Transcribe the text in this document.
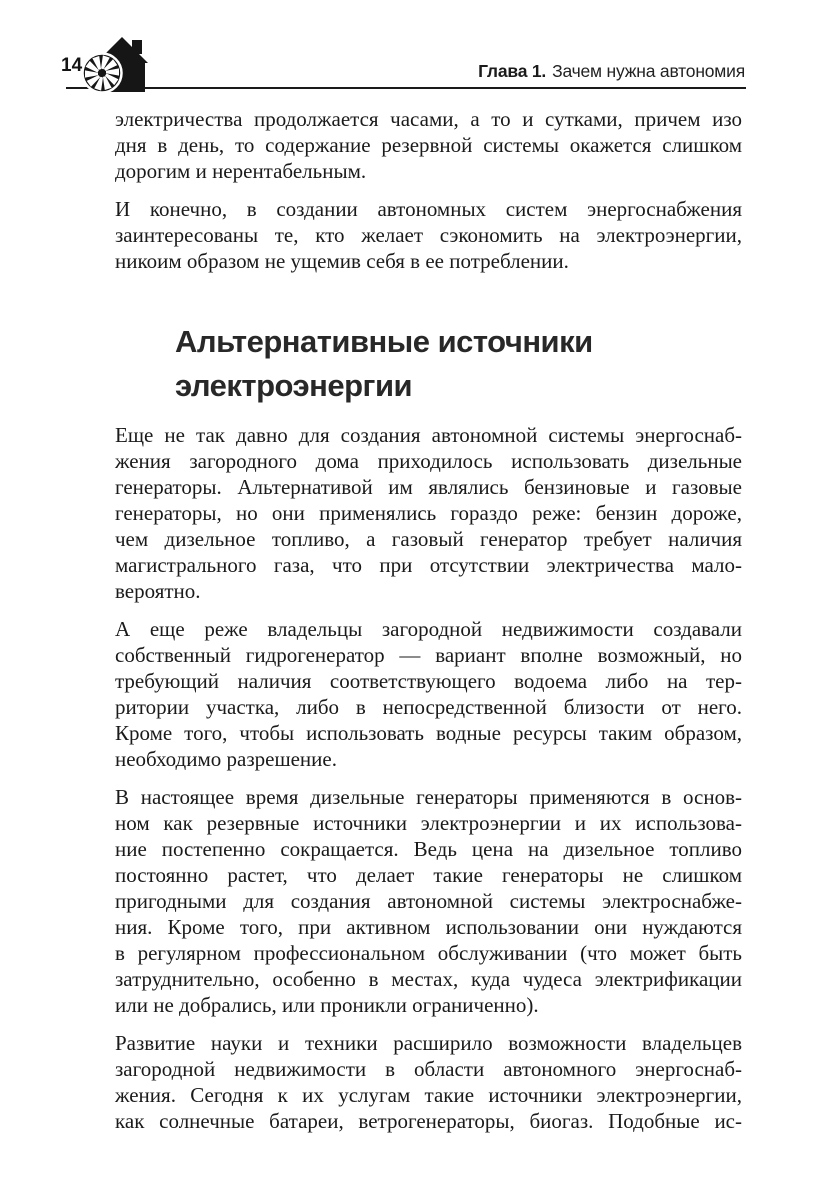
14	Глава 1. Зачем нужна автономия
электричества продолжается часами, а то и сутками, причем изо
дня в день, то содержание резервной системы окажется слишком
дорогим и нерентабельным.
И конечно, в создании автономных систем энергоснабжения
заинтересованы те, кто желает сэкономить на электроэнергии,
никоим образом не ущемив себя в ее потреблении.
Альтернативные источники
электроэнергии
Еще не так давно для создания автономной системы энергоснаб-
жения загородного дома приходилось использовать дизельные
генераторы. Альтернативой им являлись бензиновые и газовые
генераторы, но они применялись гораздо реже: бензин дороже,
чем дизельное топливо, а газовый генератор требует наличия
магистрального газа, что при отсутствии электричества мало-
вероятно.
А еще реже владельцы загородной недвижимости создавали
собственный гидрогенератор — вариант вполне возможный, но
требующий наличия соответствующего водоема либо на тер-
ритории участка, либо в непосредственной близости от него.
Кроме того, чтобы использовать водные ресурсы таким образом,
необходимо разрешение.
В настоящее время дизельные генераторы применяются в основ-
ном как резервные источники электроэнергии и их использова-
ние постепенно сокращается. Ведь цена на дизельное топливо
постоянно растет, что делает такие генераторы не слишком
пригодными для создания автономной системы электроснабже-
ния. Кроме того, при активном использовании они нуждаются
в регулярном профессиональном обслуживании (что может быть
затруднительно, особенно в местах, куда чудеса электрификации
или не добрались, или проникли ограниченно).
Развитие науки и техники расширило возможности владельцев
загородной недвижимости в области автономного энергоснаб-
жения. Сегодня к их услугам такие источники электроэнергии,
как солнечные батареи, ветрогенераторы, биогаз. Подобные ис-
